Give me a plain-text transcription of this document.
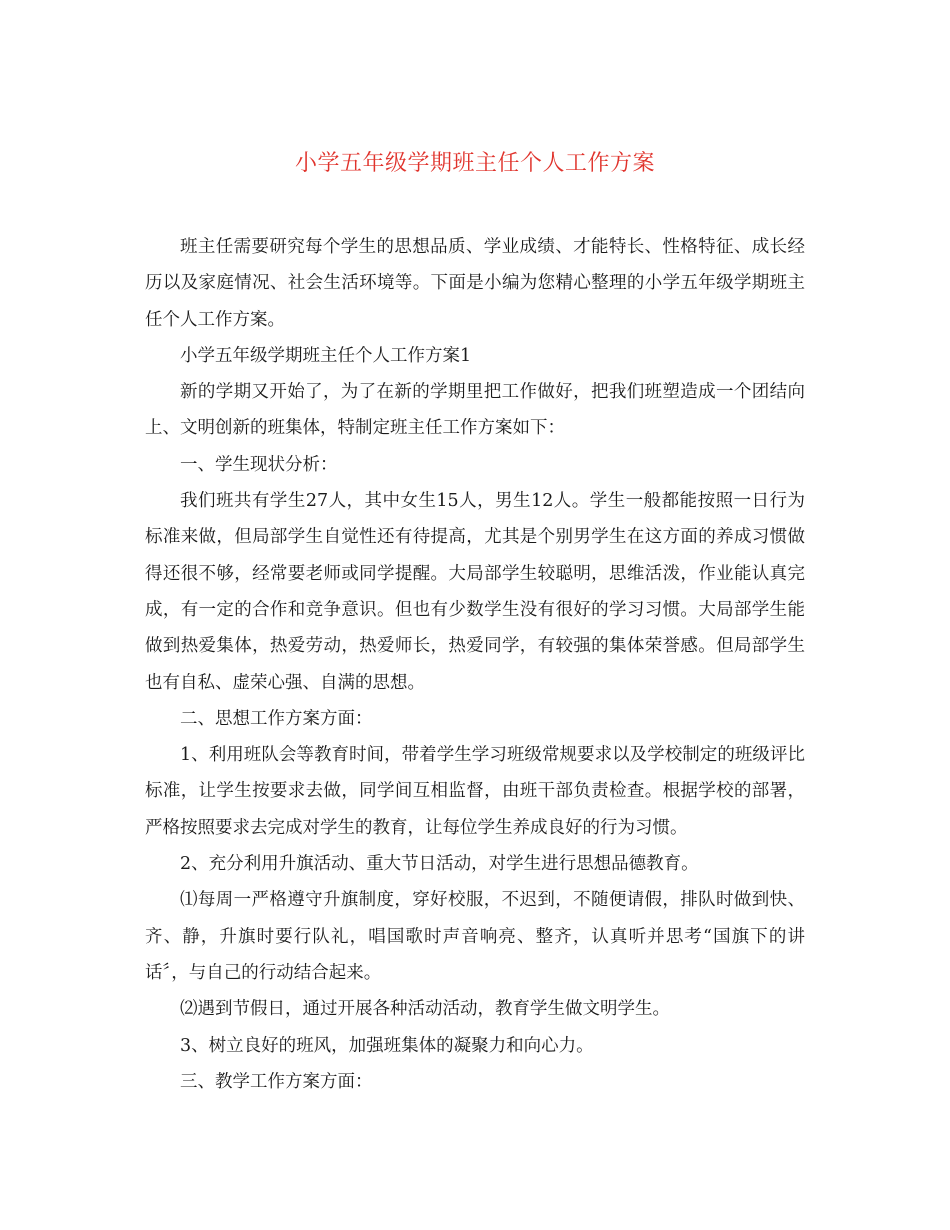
小学五年级学期班主任个人工作方案

班主任需要研究每个学生的思想品质、学业成绩、才能特长、性格特征、成长经历以及家庭情况、社会生活环境等。下面是小编为您精心整理的小学五年级学期班主任个人工作方案。

小学五年级学期班主任个人工作方案1

新的学期又开始了，为了在新的学期里把工作做好，把我们班塑造成一个团结向上、文明创新的班集体，特制定班主任工作方案如下：

一、学生现状分析：

我们班共有学生27人，其中女生15人，男生12人。学生一般都能按照一日行为标准来做，但局部学生自觉性还有待提高，尤其是个别男学生在这方面的养成习惯做得还很不够，经常要老师或同学提醒。大局部学生较聪明，思维活泼，作业能认真完成，有一定的合作和竞争意识。但也有少数学生没有很好的学习习惯。大局部学生能做到热爱集体，热爱劳动，热爱师长，热爱同学，有较强的集体荣誉感。但局部学生也有自私、虚荣心强、自满的思想。

二、思想工作方案方面：

1、利用班队会等教育时间，带着学生学习班级常规要求以及学校制定的班级评比标准，让学生按要求去做，同学间互相监督，由班干部负责检查。根据学校的部署，严格按照要求去完成对学生的教育，让每位学生养成良好的行为习惯。

2、充分利用升旗活动、重大节日活动，对学生进行思想品德教育。

⑴每周一严格遵守升旗制度，穿好校服，不迟到，不随便请假，排队时做到快、齐、静，升旗时要行队礼，唱国歌时声音响亮、整齐，认真听并思考“国旗下的讲话〞，与自己的行动结合起来。

⑵遇到节假日，通过开展各种活动活动，教育学生做文明学生。

3、树立良好的班风，加强班集体的凝聚力和向心力。

三、教学工作方案方面：
